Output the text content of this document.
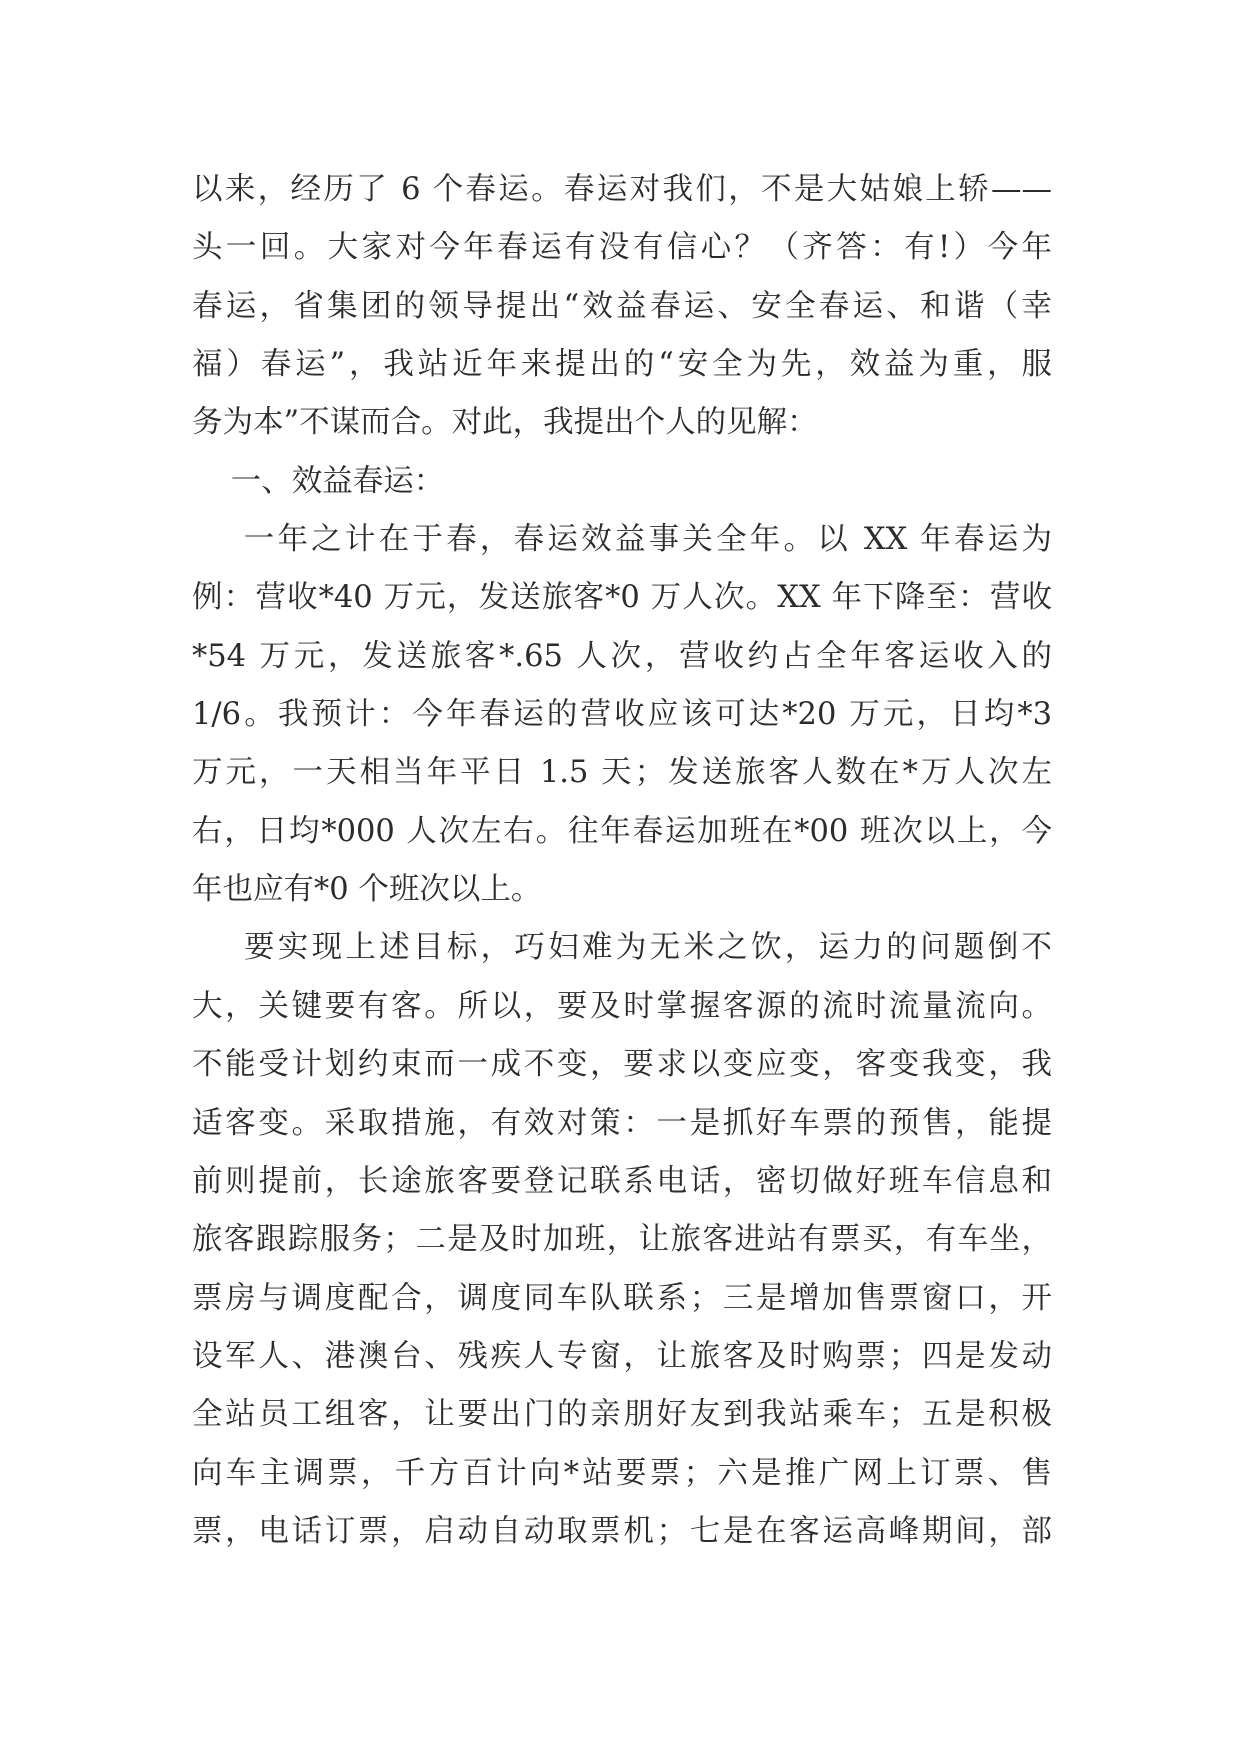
以来，经历了 6 个春运。春运对我们，不是大姑娘上轿——
头一回。大家对今年春运有没有信心？（齐答：有!）今年
春运，省集团的领导提出“效益春运、安全春运、和谐（幸
福）春运”，我站近年来提出的“安全为先，效益为重，服
务为本”不谋而合。对此，我提出个人的见解：
一、效益春运：
一年之计在于春，春运效益事关全年。以 XX 年春运为
例：营收*40 万元，发送旅客*0 万人次。XX 年下降至：营收
*54 万元，发送旅客*.65 人次，营收约占全年客运收入的
1/6。我预计：今年春运的营收应该可达*20 万元，日均*3
万元，一天相当年平日 1.5 天；发送旅客人数在*万人次左
右，日均*000 人次左右。往年春运加班在*00 班次以上，今
年也应有*0 个班次以上。
要实现上述目标，巧妇难为无米之饮，运力的问题倒不
大，关键要有客。所以，要及时掌握客源的流时流量流向。
不能受计划约束而一成不变，要求以变应变，客变我变，我
适客变。采取措施，有效对策：一是抓好车票的预售，能提
前则提前，长途旅客要登记联系电话，密切做好班车信息和
旅客跟踪服务；二是及时加班，让旅客进站有票买，有车坐，
票房与调度配合，调度同车队联系；三是增加售票窗口，开
设军人、港澳台、残疾人专窗，让旅客及时购票；四是发动
全站员工组客，让要出门的亲朋好友到我站乘车；五是积极
向车主调票，千方百计向*站要票；六是推广网上订票、售
票，电话订票，启动自动取票机；七是在客运高峰期间，部
